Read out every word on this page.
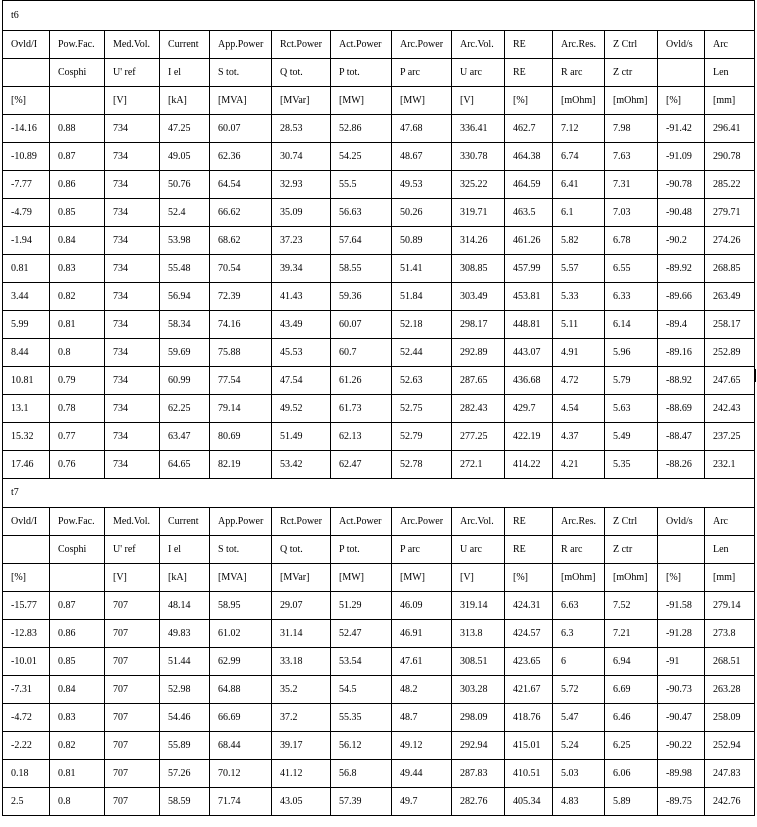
t6													
Ovld/I	Pow.Fac.	Med.Vol.	Current	App.Power	Rct.Power	Act.Power	Arc.Power	Arc.Vol.	RE	Arc.Res.	Z Ctrl	Ovld/s	Arc
	Cosphi	U' ref	I el	S tot.	Q tot.	P tot.	P arc	U arc	RE	R arc	Z ctr		Len
[%]		[V]	[kA]	[MVA]	[MVar]	[MW]	[MW]	[V]	[%]	[mOhm]	[mOhm]	[%]	[mm]
-14.16	0.88	734	47.25	60.07	28.53	52.86	47.68	336.41	462.7	7.12	7.98	-91.42	296.41
-10.89	0.87	734	49.05	62.36	30.74	54.25	48.67	330.78	464.38	6.74	7.63	-91.09	290.78
-7.77	0.86	734	50.76	64.54	32.93	55.5	49.53	325.22	464.59	6.41	7.31	-90.78	285.22
-4.79	0.85	734	52.4	66.62	35.09	56.63	50.26	319.71	463.5	6.1	7.03	-90.48	279.71
-1.94	0.84	734	53.98	68.62	37.23	57.64	50.89	314.26	461.26	5.82	6.78	-90.2	274.26
0.81	0.83	734	55.48	70.54	39.34	58.55	51.41	308.85	457.99	5.57	6.55	-89.92	268.85
3.44	0.82	734	56.94	72.39	41.43	59.36	51.84	303.49	453.81	5.33	6.33	-89.66	263.49
5.99	0.81	734	58.34	74.16	43.49	60.07	52.18	298.17	448.81	5.11	6.14	-89.4	258.17
8.44	0.8	734	59.69	75.88	45.53	60.7	52.44	292.89	443.07	4.91	5.96	-89.16	252.89
10.81	0.79	734	60.99	77.54	47.54	61.26	52.63	287.65	436.68	4.72	5.79	-88.92	247.65
13.1	0.78	734	62.25	79.14	49.52	61.73	52.75	282.43	429.7	4.54	5.63	-88.69	242.43
15.32	0.77	734	63.47	80.69	51.49	62.13	52.79	277.25	422.19	4.37	5.49	-88.47	237.25
17.46	0.76	734	64.65	82.19	53.42	62.47	52.78	272.1	414.22	4.21	5.35	-88.26	232.1
t7													
Ovld/I	Pow.Fac.	Med.Vol.	Current	App.Power	Rct.Power	Act.Power	Arc.Power	Arc.Vol.	RE	Arc.Res.	Z Ctrl	Ovld/s	Arc
	Cosphi	U' ref	I el	S tot.	Q tot.	P tot.	P arc	U arc	RE	R arc	Z ctr		Len
[%]		[V]	[kA]	[MVA]	[MVar]	[MW]	[MW]	[V]	[%]	[mOhm]	[mOhm]	[%]	[mm]
-15.77	0.87	707	48.14	58.95	29.07	51.29	46.09	319.14	424.31	6.63	7.52	-91.58	279.14
-12.83	0.86	707	49.83	61.02	31.14	52.47	46.91	313.8	424.57	6.3	7.21	-91.28	273.8
-10.01	0.85	707	51.44	62.99	33.18	53.54	47.61	308.51	423.65	6	6.94	-91	268.51
-7.31	0.84	707	52.98	64.88	35.2	54.5	48.2	303.28	421.67	5.72	6.69	-90.73	263.28
-4.72	0.83	707	54.46	66.69	37.2	55.35	48.7	298.09	418.76	5.47	6.46	-90.47	258.09
-2.22	0.82	707	55.89	68.44	39.17	56.12	49.12	292.94	415.01	5.24	6.25	-90.22	252.94
0.18	0.81	707	57.26	70.12	41.12	56.8	49.44	287.83	410.51	5.03	6.06	-89.98	247.83
2.5	0.8	707	58.59	71.74	43.05	57.39	49.7	282.76	405.34	4.83	5.89	-89.75	242.76
